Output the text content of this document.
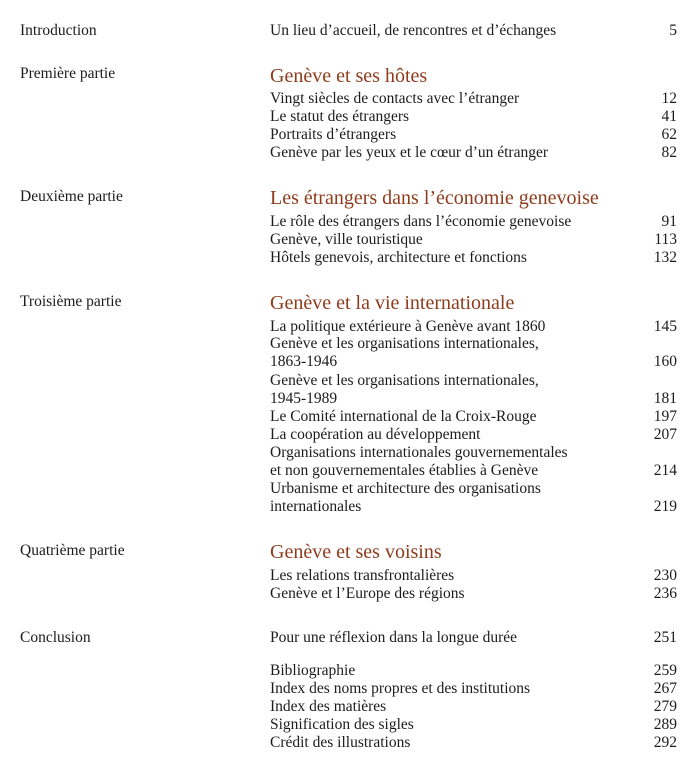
Introduction	Un lieu d’accueil, de rencontres et d’échanges	5
Première partie	Genève et ses hôtes
Vingt siècles de contacts avec l’étranger	12
Le statut des étrangers	41
Portraits d’étrangers	62
Genève par les yeux et le cœur d’un étranger	82
Deuxième partie	Les étrangers dans l’économie genevoise
Le rôle des étrangers dans l’économie genevoise	91
Genève, ville touristique	113
Hôtels genevois, architecture et fonctions	132
Troisième partie	Genève et la vie internationale
La politique extérieure à Genève avant 1860	145
Genève et les organisations internationales,
1863-1946	160
Genève et les organisations internationales,
1945-1989	181
Le Comité international de la Croix-Rouge	197
La coopération au développement	207
Organisations internationales gouvernementales
et non gouvernementales établies à Genève	214
Urbanisme et architecture des organisations
internationales	219
Quatrième partie	Genève et ses voisins
Les relations transfrontalières	230
Genève et l’Europe des régions	236
Conclusion	Pour une réflexion dans la longue durée	251
Bibliographie	259
Index des noms propres et des institutions	267
Index des matières	279
Signification des sigles	289
Crédit des illustrations	292
